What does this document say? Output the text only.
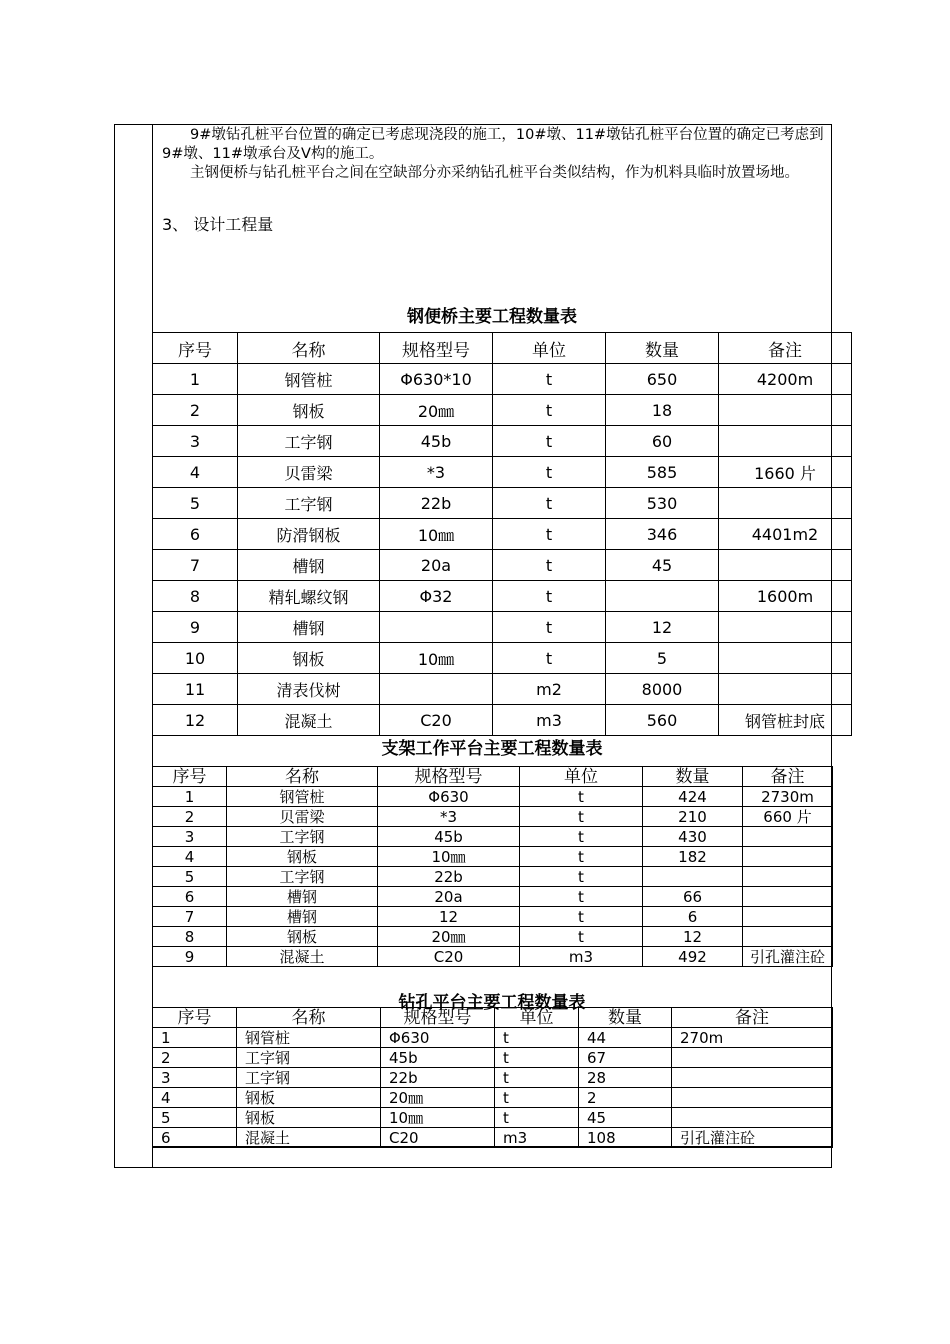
9#墩钻孔桩平台位置的确定已考虑现浇段的施工，10#墩、11#墩钻孔桩平台位置的确定已考虑到 9#墩、11#墩承台及Ⅴ构的施工。

主钢便桥与钻孔桩平台之间在空缺部分亦采纳钻孔桩平台类似结构，作为机料具临时放置场地。

3、 设计工程量
钢便桥主要工程数量表
序号	名称	规格型号	单位	数量	备注
1	钢管桩	Φ630*10	t	650	4200m
2	钢板	20㎜	t	18	
3	工字钢	45b	t	60	
4	贝雷梁	*3	t	585	1660 片
5	工字钢	22b	t	530	
6	防滑钢板	10㎜	t	346	4401m2
7	槽钢	20a	t	45	
8	精轧螺纹钢	Φ32	t		1600m
9	槽钢		t	12	
10	钢板	10㎜	t	5	
11	清表伐树		m2	8000	
12	混凝土	C20	m3	560	钢管桩封底
支架工作平台主要工程数量表
序号	名称	规格型号	单位	数量	备注
1	钢管桩	Φ630	t	424	2730m
2	贝雷梁	*3	t	210	660 片
3	工字钢	45b	t	430	
4	钢板	10㎜	t	182	
5	工字钢	22b	t		
6	槽钢	20a	t	66	
7	槽钢	12	t	6	
8	钢板	20㎜	t	12	
9	混凝土	C20	m3	492	引孔灌注砼
钻孔平台主要工程数量表
序号	名称	规格型号	单位	数量	备注
1	钢管桩	Φ630	t	44	270m
2	工字钢	45b	t	67	
3	工字钢	22b	t	28	
4	钢板	20㎜	t	2	
5	钢板	10㎜	t	45	
6	混凝土	C20	m3	108	引孔灌注砼
